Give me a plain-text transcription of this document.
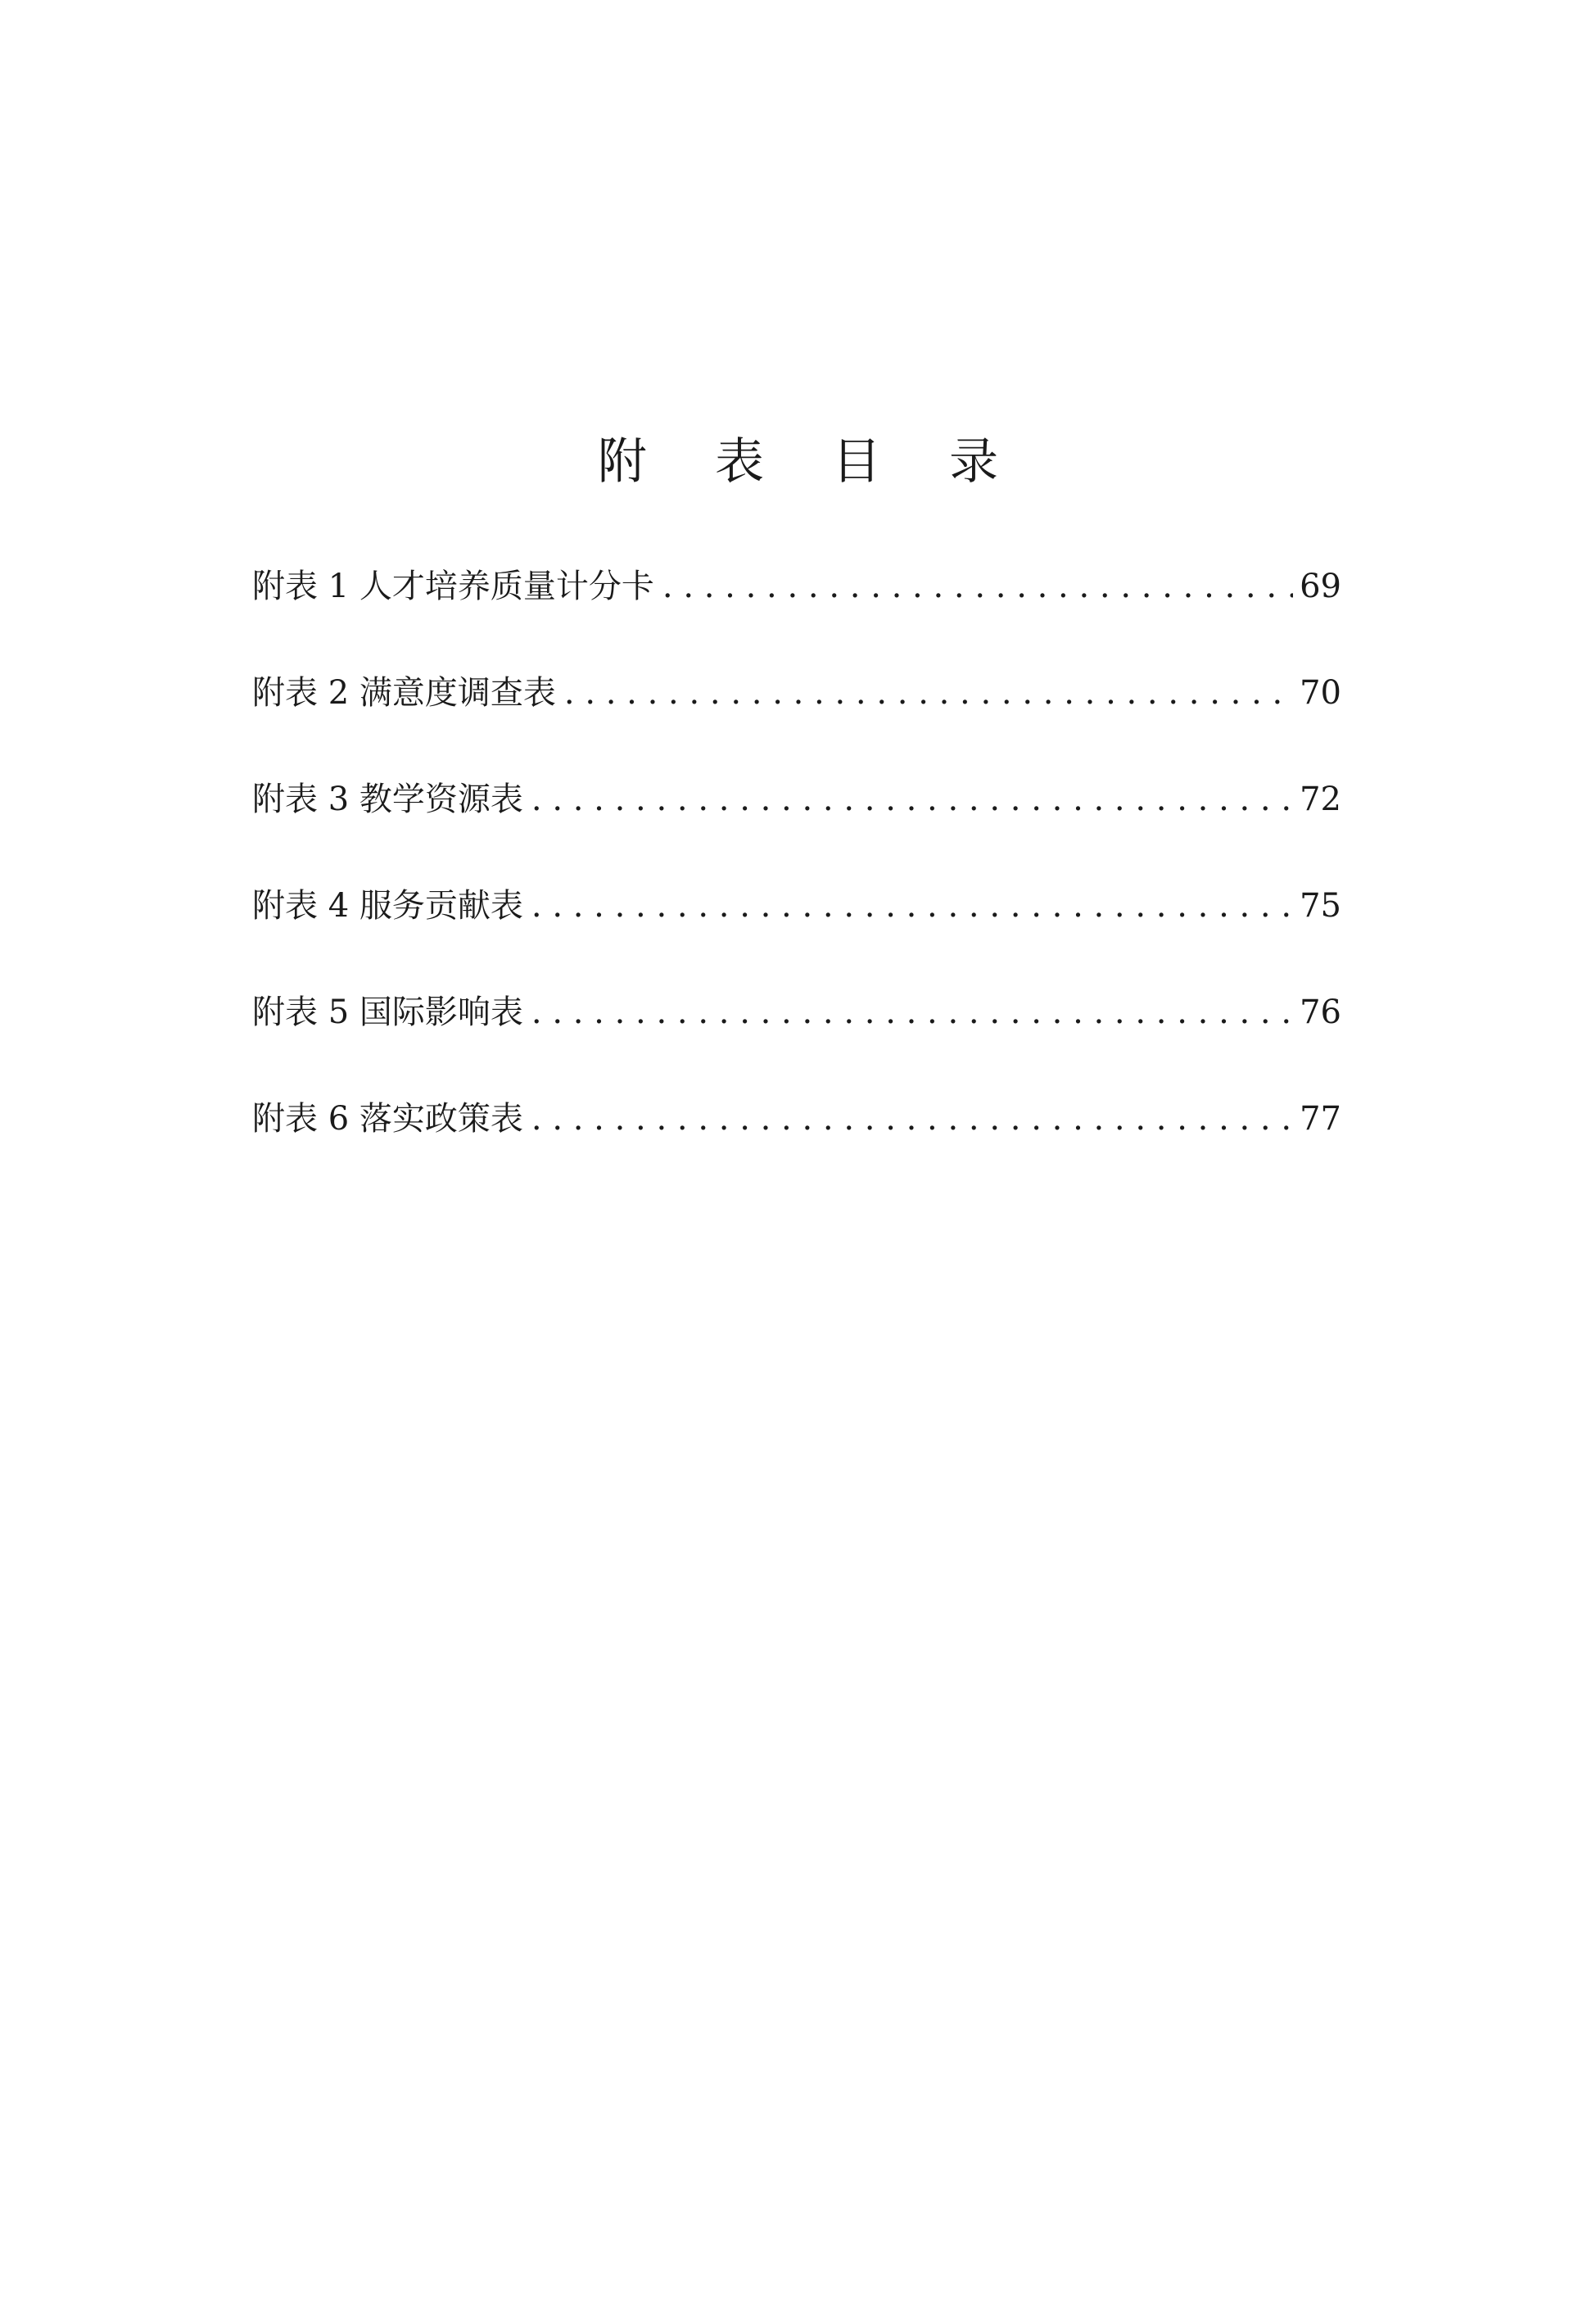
附 表 目 录
附表 1 人才培养质量计分卡 . . .	69
附表 2 满意度调查表 . . .	70
附表 3 教学资源表 . . .	72
附表 4 服务贡献表 . . .	75
附表 5 国际影响表 . . .	76
附表 6 落实政策表 . . .	77
